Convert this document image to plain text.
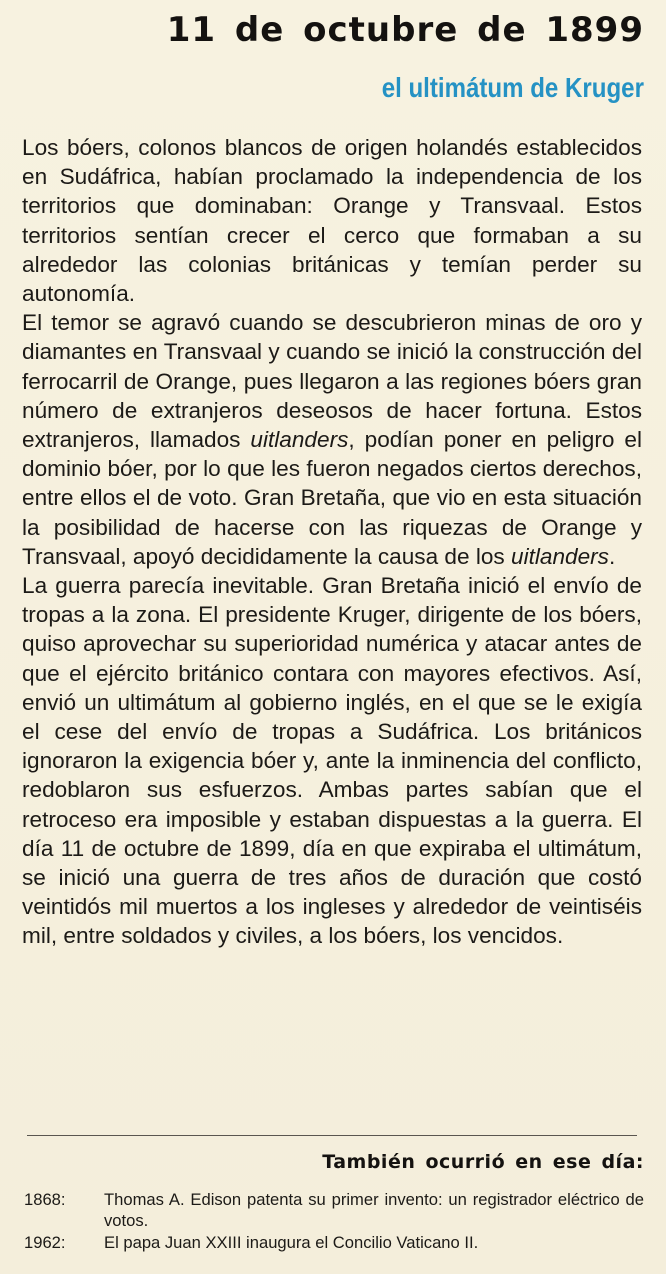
11 de octubre de 1899
el ultimátum de Kruger

Los bóers, colonos blancos de origen holandés establecidos en Sudáfrica, habían proclamado la independencia de los territorios que dominaban: Orange y Transvaal. Estos territorios sentían crecer el cerco que formaban a su alrededor las colonias británicas y temían perder su autonomía.

El temor se agravó cuando se descubrieron minas de oro y diamantes en Transvaal y cuando se inició la construcción del ferrocarril de Orange, pues llegaron a las regiones bóers gran número de extranjeros deseosos de hacer fortuna. Estos extranjeros, llamados uitlanders, podían poner en peligro el dominio bóer, por lo que les fueron negados ciertos derechos, entre ellos el de voto. Gran Bretaña, que vio en esta situación la posibilidad de hacerse con las riquezas de Orange y Transvaal, apoyó decididamente la causa de los uitlanders.

La guerra parecía inevitable. Gran Bretaña inició el envío de tropas a la zona. El presidente Kruger, dirigente de los bóers, quiso aprovechar su superioridad numérica y atacar antes de que el ejército británico contara con mayores efectivos. Así, envió un ultimátum al gobierno inglés, en el que se le exigía el cese del envío de tropas a Sudáfrica. Los británicos ignoraron la exigencia bóer y, ante la inminencia del conflicto, redoblaron sus esfuerzos. Ambas partes sabían que el retroceso era imposible y estaban dispuestas a la guerra. El día 11 de octubre de 1899, día en que expiraba el ultimátum, se inició una guerra de tres años de duración que costó veintidós mil muertos a los ingleses y alrededor de veintiséis mil, entre soldados y civiles, a los bóers, los vencidos.

También ocurrió en ese día:
1868:	Thomas A. Edison patenta su primer invento: un registrador eléctrico de votos.
1962:	El papa Juan XXIII inaugura el Concilio Vaticano II.
